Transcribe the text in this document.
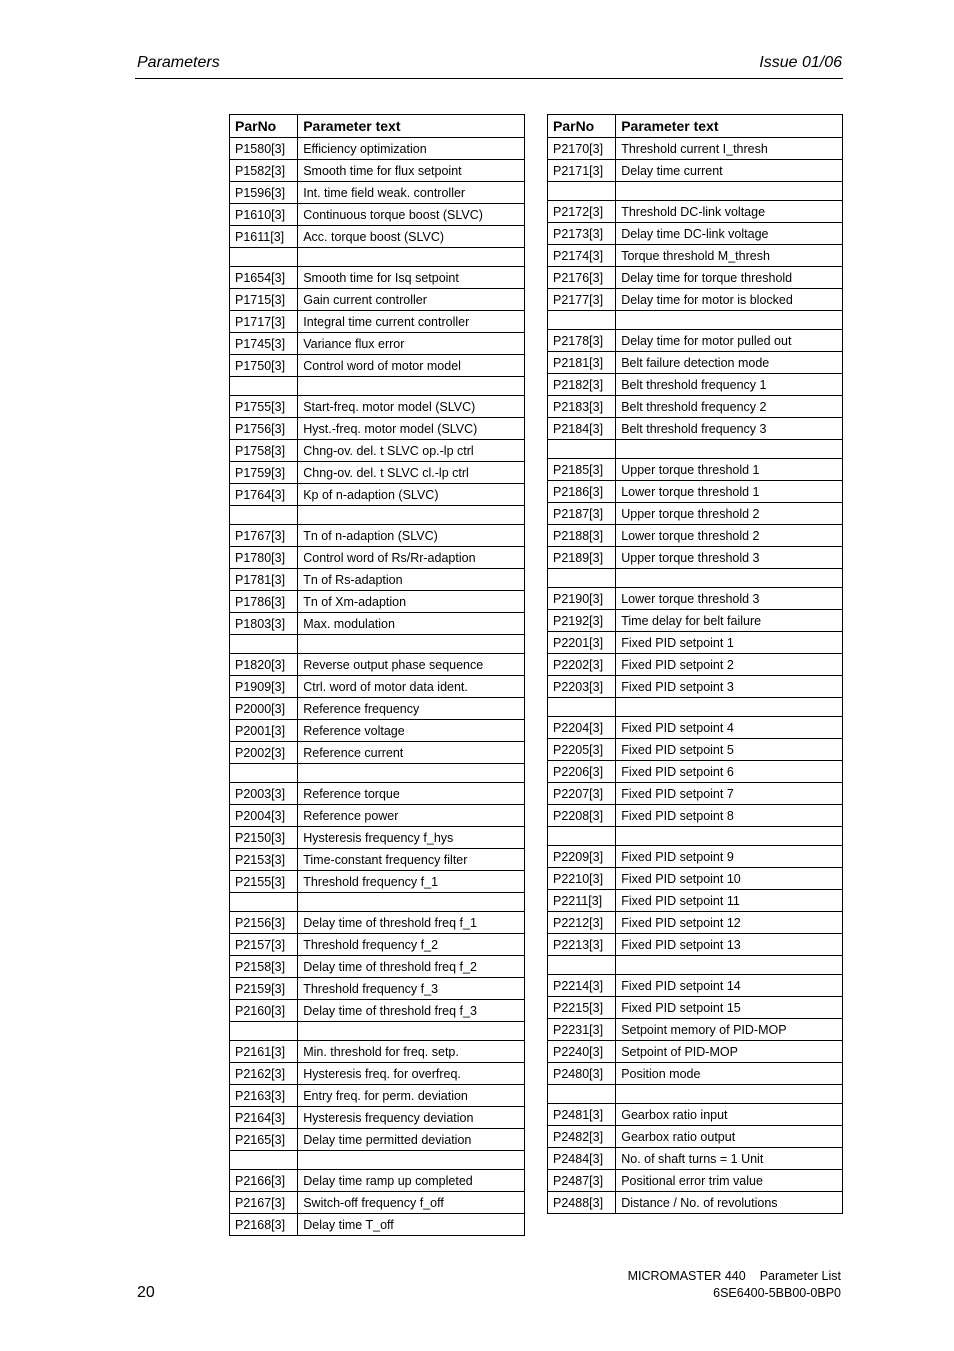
Parameters	Issue 01/06
ParNo	Parameter text
P1580[3]	Efficiency optimization
P1582[3]	Smooth time for flux setpoint
P1596[3]	Int. time field weak. controller
P1610[3]	Continuous torque boost (SLVC)
P1611[3]	Acc. torque boost (SLVC)

P1654[3]	Smooth time for Isq setpoint
P1715[3]	Gain current controller
P1717[3]	Integral time current controller
P1745[3]	Variance flux error
P1750[3]	Control word of motor model

P1755[3]	Start-freq. motor model (SLVC)
P1756[3]	Hyst.-freq. motor model (SLVC)
P1758[3]	Chng-ov. del. t SLVC op.-lp ctrl
P1759[3]	Chng-ov. del. t SLVC cl.-lp ctrl
P1764[3]	Kp of n-adaption (SLVC)

P1767[3]	Tn of n-adaption (SLVC)
P1780[3]	Control word of Rs/Rr-adaption
P1781[3]	Tn of Rs-adaption
P1786[3]	Tn of Xm-adaption
P1803[3]	Max. modulation

P1820[3]	Reverse output phase sequence
P1909[3]	Ctrl. word of motor data ident.
P2000[3]	Reference frequency
P2001[3]	Reference voltage
P2002[3]	Reference current

P2003[3]	Reference torque
P2004[3]	Reference power
P2150[3]	Hysteresis frequency f_hys
P2153[3]	Time-constant frequency filter
P2155[3]	Threshold frequency f_1

P2156[3]	Delay time of threshold freq f_1
P2157[3]	Threshold frequency f_2
P2158[3]	Delay time of threshold freq f_2
P2159[3]	Threshold frequency f_3
P2160[3]	Delay time of threshold freq f_3

P2161[3]	Min. threshold for freq. setp.
P2162[3]	Hysteresis freq. for overfreq.
P2163[3]	Entry freq. for perm. deviation
P2164[3]	Hysteresis frequency deviation
P2165[3]	Delay time permitted deviation

P2166[3]	Delay time ramp up completed
P2167[3]	Switch-off frequency f_off
P2168[3]	Delay time T_off
ParNo	Parameter text
P2170[3]	Threshold current I_thresh
P2171[3]	Delay time current

P2172[3]	Threshold DC-link voltage
P2173[3]	Delay time DC-link voltage
P2174[3]	Torque threshold M_thresh
P2176[3]	Delay time for torque threshold
P2177[3]	Delay time for motor is blocked

P2178[3]	Delay time for motor pulled out
P2181[3]	Belt failure detection mode
P2182[3]	Belt threshold frequency 1
P2183[3]	Belt threshold frequency 2
P2184[3]	Belt threshold frequency 3

P2185[3]	Upper torque threshold 1
P2186[3]	Lower torque threshold 1
P2187[3]	Upper torque threshold 2
P2188[3]	Lower torque threshold 2
P2189[3]	Upper torque threshold 3

P2190[3]	Lower torque threshold 3
P2192[3]	Time delay for belt failure
P2201[3]	Fixed PID setpoint 1
P2202[3]	Fixed PID setpoint 2
P2203[3]	Fixed PID setpoint 3

P2204[3]	Fixed PID setpoint 4
P2205[3]	Fixed PID setpoint 5
P2206[3]	Fixed PID setpoint 6
P2207[3]	Fixed PID setpoint 7
P2208[3]	Fixed PID setpoint 8

P2209[3]	Fixed PID setpoint 9
P2210[3]	Fixed PID setpoint 10
P2211[3]	Fixed PID setpoint 11
P2212[3]	Fixed PID setpoint 12
P2213[3]	Fixed PID setpoint 13

P2214[3]	Fixed PID setpoint 14
P2215[3]	Fixed PID setpoint 15
P2231[3]	Setpoint memory of PID-MOP
P2240[3]	Setpoint of PID-MOP
P2480[3]	Position mode

P2481[3]	Gearbox ratio input
P2482[3]	Gearbox ratio output
P2484[3]	No. of shaft turns = 1 Unit
P2487[3]	Positional error trim value
P2488[3]	Distance / No. of revolutions
20
MICROMASTER 440 Parameter List
6SE6400-5BB00-0BP0
